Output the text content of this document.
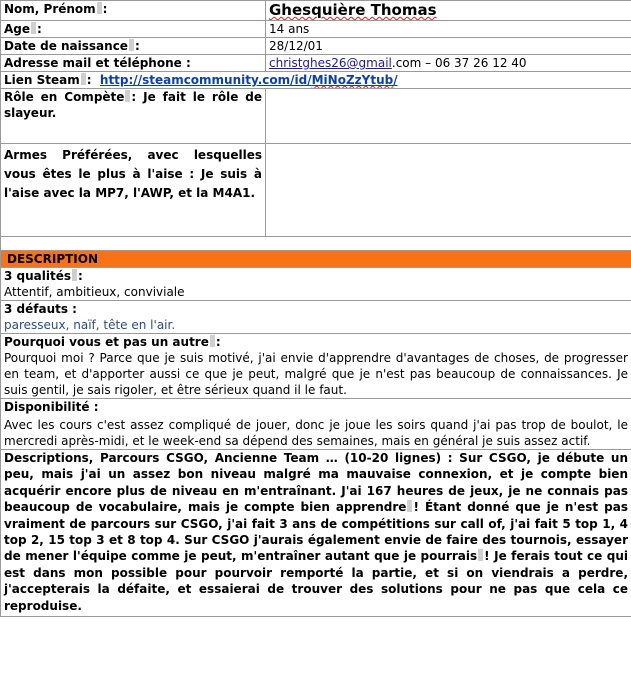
Nom, Prénom :	Ghesquière Thomas
Age :	14 ans
Date de naissance :	28/12/01
Adresse mail et téléphone :	christghes26@gmail.com – 06 37 26 12 40
Lien Steam :  http://steamcommunity.com/id/MiNoZzYtub/	
Rôle en Compète : Je fait le rôle de slayeur.	
Armes Préférées, avec lesquelles vous êtes le plus à l'aise : Je suis à l'aise avec la MP7, l'AWP, et la M4A1.	

DESCRIPTION	

3 qualités :
Attentif, ambitieux, conviviale	

3 défauts :
paresseux, naïf, tête en l'air.	

Pourquoi vous et pas un autre :
Pourquoi moi ? Parce que je suis motivé, j'ai envie d'apprendre d'avantages de choses, de progresser en team, et d'apporter aussi ce que je peut, malgré que je n'est pas beaucoup de connaissances. Je suis gentil, je sais rigoler, et être sérieux quand il le faut.	

Disponibilité :
Avec les cours c'est assez compliqué de jouer, donc je joue les soirs quand j'ai pas trop de boulot, le mercredi après-midi, et le week-end sa dépend des semaines, mais en général je suis assez actif.	

Descriptions, Parcours CSGO, Ancienne Team … (10-20 lignes) : Sur CSGO, je débute un peu, mais j'ai un assez bon niveau malgré ma mauvaise connexion, et je compte bien acquérir encore plus de niveau en m'entraînant. J'ai 167 heures de jeux, je ne connais pas beaucoup de vocabulaire, mais je compte bien apprendre ! Étant donné que je n'est pas vraiment de parcours sur CSGO, j'ai fait 3 ans de compétitions sur call of, j'ai fait 5 top 1, 4 top 2, 15 top 3 et 8 top 4. Sur CSGO j'aurais également envie de faire des tournois, essayer de mener l'équipe comme je peut, m'entraîner autant que je pourrais ! Je ferais tout ce qui est dans mon possible pour pourvoir remporté la partie, et si on viendrais a perdre, j'accepterais la défaite, et essaierai de trouver des solutions pour ne pas que cela ce reproduise.	
